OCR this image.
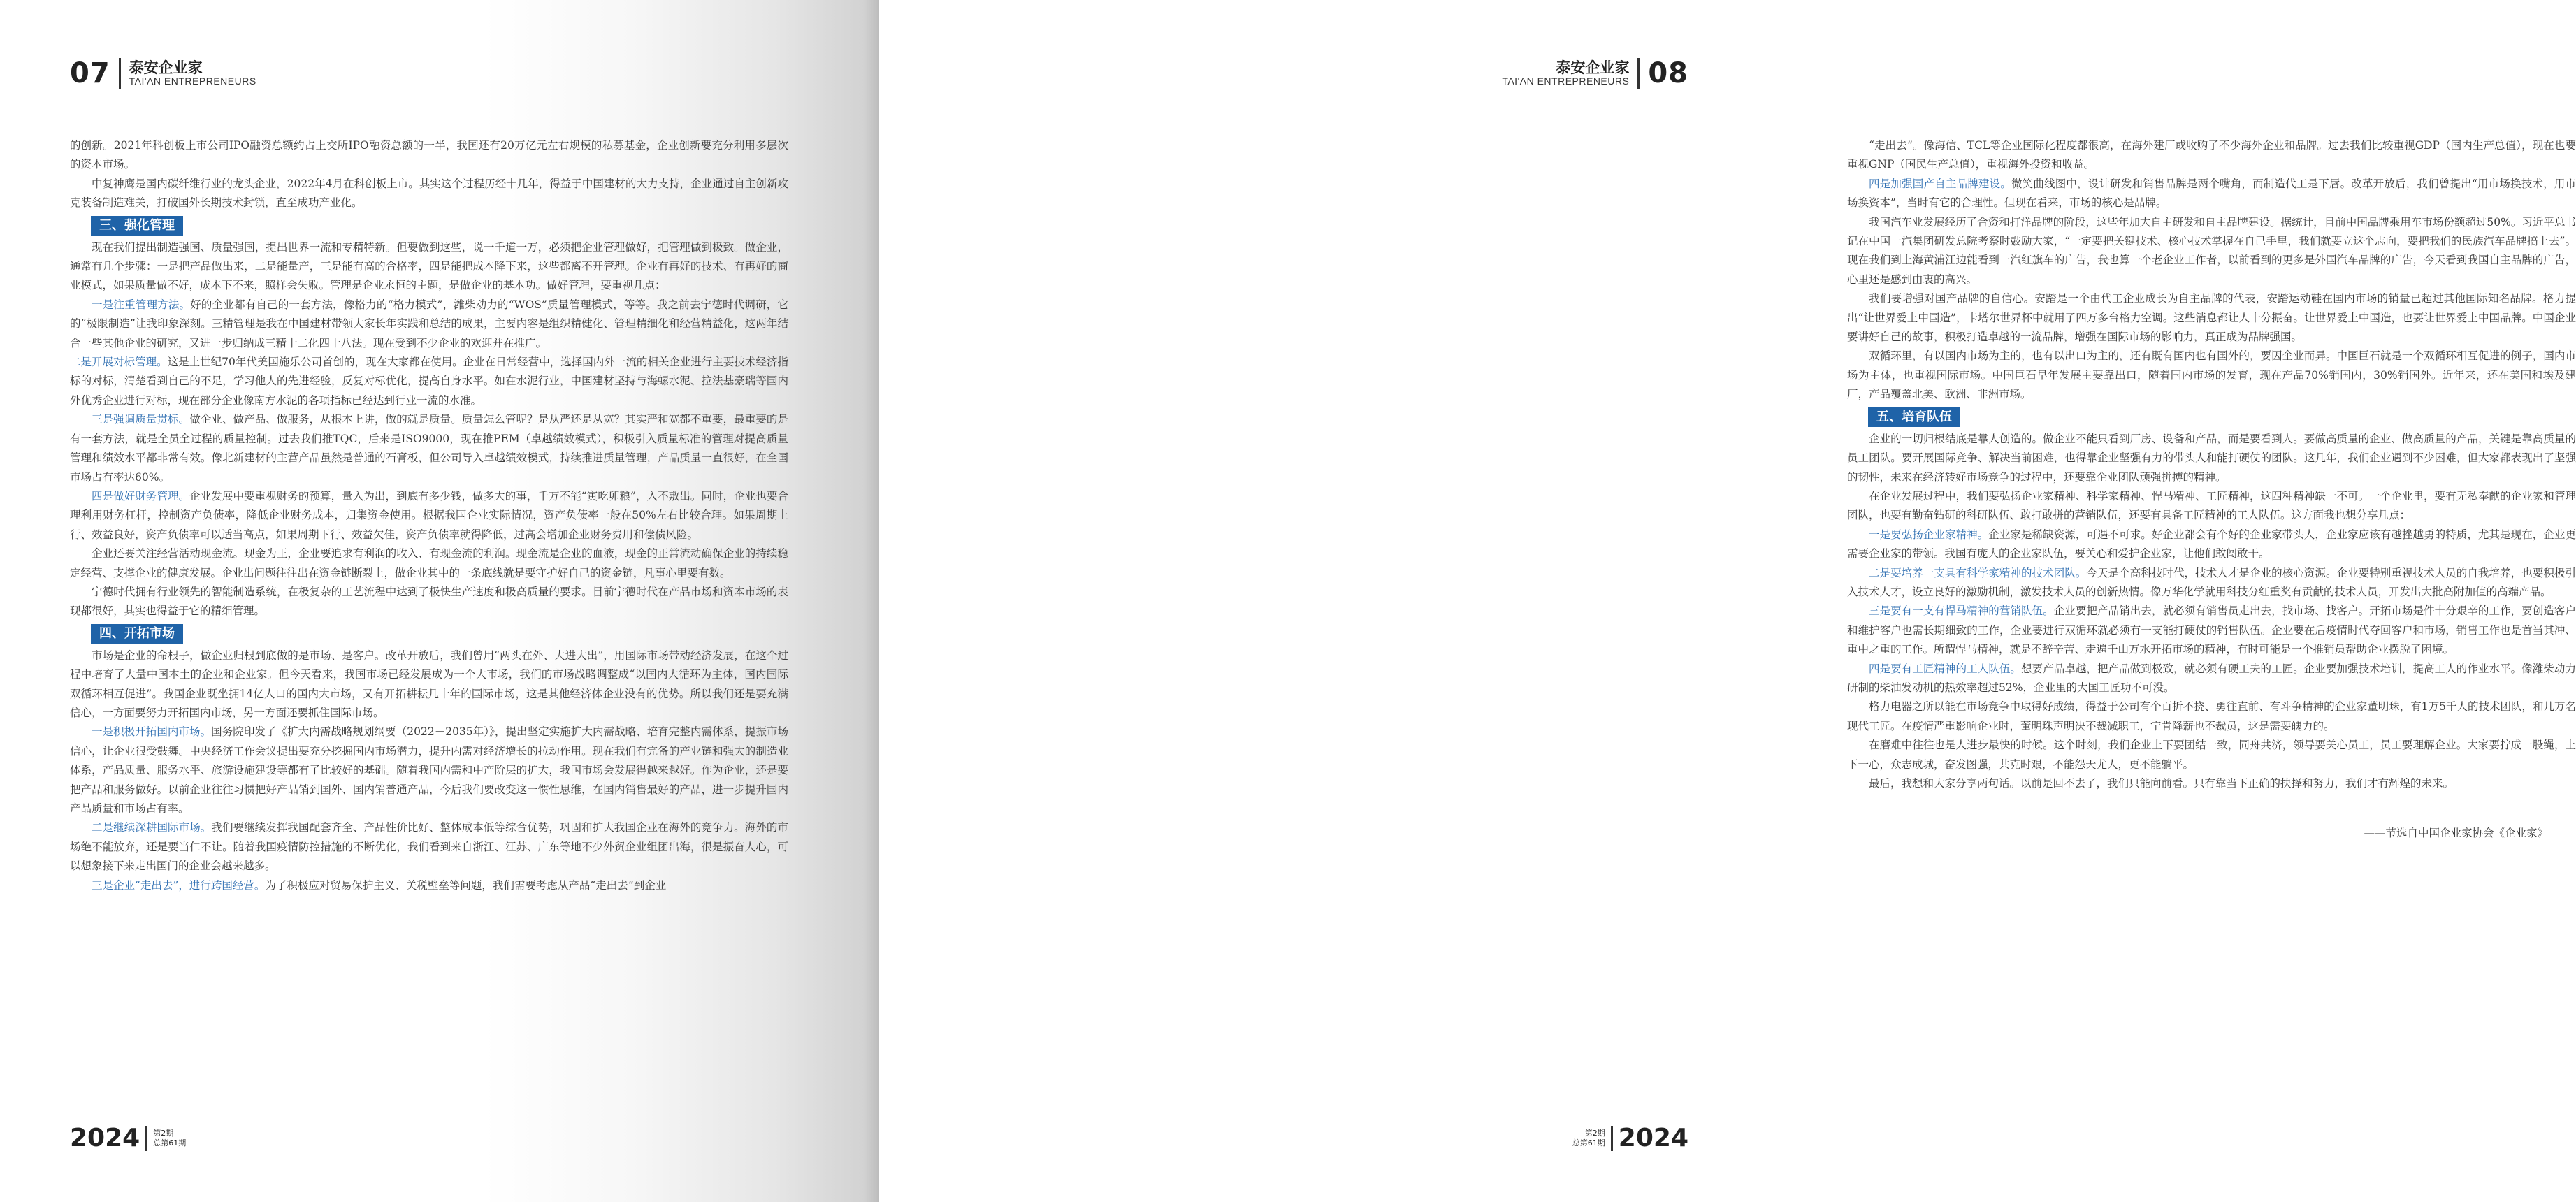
07 泰安企业家
TAI'AN ENTREPRENEURS

的创新。2021年科创板上市公司IPO融资总额约占上交所IPO融资总额的一半，我国还有20万亿元左右规模的私募基金，企业创新要充分利用多层次的资本市场。

中复神鹰是国内碳纤维行业的龙头企业，2022年4月在科创板上市。其实这个过程历经十几年，得益于中国建材的大力支持，企业通过自主创新攻克装备制造难关，打破国外长期技术封锁，直至成功产业化。

三、强化管理

现在我们提出制造强国、质量强国，提出世界一流和专精特新。但要做到这些，说一千道一万，必须把企业管理做好，把管理做到极致。做企业，通常有几个步骤：一是把产品做出来，二是能量产，三是能有高的合格率，四是能把成本降下来，这些都离不开管理。企业有再好的技术、有再好的商业模式，如果质量做不好，成本下不来，照样会失败。管理是企业永恒的主题，是做企业的基本功。做好管理，要重视几点：

一是注重管理方法。好的企业都有自己的一套方法，像格力的“格力模式”，潍柴动力的“WOS”质量管理模式，等等。我之前去宁德时代调研，它的“极限制造”让我印象深刻。三精管理是我在中国建材带领大家长年实践和总结的成果，主要内容是组织精健化、管理精细化和经营精益化，这两年结合一些其他企业的研究，又进一步归纳成三精十二化四十八法。现在受到不少企业的欢迎并在推广。

二是开展对标管理。这是上世纪70年代美国施乐公司首创的，现在大家都在使用。企业在日常经营中，选择国内外一流的相关企业进行主要技术经济指标的对标，清楚看到自己的不足，学习他人的先进经验，反复对标优化，提高自身水平。如在水泥行业，中国建材坚持与海螺水泥、拉法基豪瑞等国内外优秀企业进行对标，现在部分企业像南方水泥的各项指标已经达到行业一流的水准。

三是强调质量贯标。做企业、做产品、做服务，从根本上讲，做的就是质量。质量怎么管呢？是从严还是从宽？其实严和宽都不重要，最重要的是有一套方法，就是全员全过程的质量控制。过去我们推TQC，后来是ISO9000，现在推PEM（卓越绩效模式），积极引入质量标准的管理对提高质量管理和绩效水平都非常有效。像北新建材的主营产品虽然是普通的石膏板，但公司导入卓越绩效模式，持续推进质量管理，产品质量一直很好，在全国市场占有率达60%。

四是做好财务管理。企业发展中要重视财务的预算，量入为出，到底有多少钱，做多大的事，千万不能“寅吃卯粮”，入不敷出。同时，企业也要合理利用财务杠杆，控制资产负债率，降低企业财务成本，归集资金使用。根据我国企业实际情况，资产负债率一般在50%左右比较合理。如果周期上行、效益良好，资产负债率可以适当高点，如果周期下行、效益欠佳，资产负债率就得降低，过高会增加企业财务费用和偿债风险。

企业还要关注经营活动现金流。现金为王，企业要追求有利润的收入、有现金流的利润。现金流是企业的血液，现金的正常流动确保企业的持续稳定经营、支撑企业的健康发展。企业出问题往往出在资金链断裂上，做企业其中的一条底线就是要守护好自己的资金链，凡事心里要有数。

宁德时代拥有行业领先的智能制造系统，在极复杂的工艺流程中达到了极快生产速度和极高质量的要求。目前宁德时代在产品市场和资本市场的表现都很好，其实也得益于它的精细管理。

四、开拓市场

市场是企业的命根子，做企业归根到底做的是市场、是客户。改革开放后，我们曾用“两头在外、大进大出”，用国际市场带动经济发展，在这个过程中培育了大量中国本土的企业和企业家。但今天看来，我国市场已经发展成为一个大市场，我们的市场战略调整成“以国内大循环为主体，国内国际双循环相互促进”。我国企业既坐拥14亿人口的国内大市场，又有开拓耕耘几十年的国际市场，这是其他经济体企业没有的优势。所以我们还是要充满信心，一方面要努力开拓国内市场，另一方面还要抓住国际市场。

一是积极开拓国内市场。国务院印发了《扩大内需战略规划纲要（2022－2035年）》，提出坚定实施扩大内需战略、培育完整内需体系，提振市场信心，让企业很受鼓舞。中央经济工作会议提出要充分挖掘国内市场潜力，提升内需对经济增长的拉动作用。现在我们有完备的产业链和强大的制造业体系，产品质量、服务水平、旅游设施建设等都有了比较好的基础。随着我国内需和中产阶层的扩大，我国市场会发展得越来越好。作为企业，还是要把产品和服务做好。以前企业往往习惯把好产品销到国外、国内销普通产品，今后我们要改变这一惯性思维，在国内销售最好的产品，进一步提升国内产品质量和市场占有率。

二是继续深耕国际市场。我们要继续发挥我国配套齐全、产品性价比好、整体成本低等综合优势，巩固和扩大我国企业在海外的竞争力。海外的市场绝不能放弃，还是要当仁不让。随着我国疫情防控措施的不断优化，我们看到来自浙江、江苏、广东等地不少外贸企业组团出海，很是振奋人心，可以想象接下来走出国门的企业会越来越多。

三是企业“走出去”，进行跨国经营。为了积极应对贸易保护主义、关税壁垒等问题，我们需要考虑从产品“走出去”到企业

2024 第2期
总第61期
泰安企业家
TAI'AN ENTREPRENEURS 08

“走出去”。像海信、TCL等企业国际化程度都很高，在海外建厂或收购了不少海外企业和品牌。过去我们比较重视GDP（国内生产总值），现在也要重视GNP（国民生产总值），重视海外投资和收益。

四是加强国产自主品牌建设。微笑曲线图中，设计研发和销售品牌是两个嘴角，而制造代工是下唇。改革开放后，我们曾提出“用市场换技术，用市场换资本”，当时有它的合理性。但现在看来，市场的核心是品牌。

我国汽车业发展经历了合资和打洋品牌的阶段，这些年加大自主研发和自主品牌建设。据统计，目前中国品牌乘用车市场份额超过50%。习近平总书记在中国一汽集团研发总院考察时鼓励大家，“一定要把关键技术、核心技术掌握在自己手里，我们就要立这个志向，要把我们的民族汽车品牌搞上去”。现在我们到上海黄浦江边能看到一汽红旗车的广告，我也算一个老企业工作者，以前看到的更多是外国汽车品牌的广告，今天看到我国自主品牌的广告，心里还是感到由衷的高兴。

我们要增强对国产品牌的自信心。安踏是一个由代工企业成长为自主品牌的代表，安踏运动鞋在国内市场的销量已超过其他国际知名品牌。格力提出“让世界爱上中国造”，卡塔尔世界杯中就用了四万多台格力空调。这些消息都让人十分振奋。让世界爱上中国造，也要让世界爱上中国品牌。中国企业要讲好自己的故事，积极打造卓越的一流品牌，增强在国际市场的影响力，真正成为品牌强国。

双循环里，有以国内市场为主的，也有以出口为主的，还有既有国内也有国外的，要因企业而异。中国巨石就是一个双循环相互促进的例子，国内市场为主体，也重视国际市场。中国巨石早年发展主要靠出口，随着国内市场的发育，现在产品70%销国内，30%销国外。近年来，还在美国和埃及建厂，产品覆盖北美、欧洲、非洲市场。

五、培育队伍

企业的一切归根结底是靠人创造的。做企业不能只看到厂房、设备和产品，而是要看到人。要做高质量的企业、做高质量的产品，关键是靠高质量的员工团队。要开展国际竞争、解决当前困难，也得靠企业坚强有力的带头人和能打硬仗的团队。这几年，我们企业遇到不少困难，但大家都表现出了坚强的韧性，未来在经济转好市场竞争的过程中，还要靠企业团队顽强拼搏的精神。

在企业发展过程中，我们要弘扬企业家精神、科学家精神、悍马精神、工匠精神，这四种精神缺一不可。一个企业里，要有无私奉献的企业家和管理团队，也要有勤奋钻研的科研队伍、敢打敢拼的营销队伍，还要有具备工匠精神的工人队伍。这方面我也想分享几点：

一是要弘扬企业家精神。企业家是稀缺资源，可遇不可求。好企业都会有个好的企业家带头人，企业家应该有越挫越勇的特质，尤其是现在，企业更需要企业家的带领。我国有庞大的企业家队伍，要关心和爱护企业家，让他们敢闯敢干。

二是要培养一支具有科学家精神的技术团队。今天是个高科技时代，技术人才是企业的核心资源。企业要特别重视技术人员的自我培养，也要积极引入技术人才，设立良好的激励机制，激发技术人员的创新热情。像万华化学就用科技分红重奖有贡献的技术人员，开发出大批高附加值的高端产品。

三是要有一支有悍马精神的营销队伍。企业要把产品销出去，就必须有销售员走出去，找市场、找客户。开拓市场是件十分艰辛的工作，要创造客户和维护客户也需长期细致的工作，企业要进行双循环就必须有一支能打硬仗的销售队伍。企业要在后疫情时代夺回客户和市场，销售工作也是首当其冲、重中之重的工作。所谓悍马精神，就是不辞辛苦、走遍千山万水开拓市场的精神，有时可能是一个推销员帮助企业摆脱了困境。

四是要有工匠精神的工人队伍。想要产品卓越，把产品做到极致，就必须有硬工夫的工匠。企业要加强技术培训，提高工人的作业水平。像潍柴动力研制的柴油发动机的热效率超过52%，企业里的大国工匠功不可没。

格力电器之所以能在市场竞争中取得好成绩，得益于公司有个百折不挠、勇往直前、有斗争精神的企业家董明珠，有1万5千人的技术团队，和几万名现代工匠。在疫情严重影响企业时，董明珠声明决不裁减职工，宁肯降薪也不裁员，这是需要魄力的。

在磨难中往往也是人进步最快的时候。这个时刻，我们企业上下要团结一致，同舟共济，领导要关心员工，员工要理解企业。大家要拧成一股绳，上下一心，众志成城，奋发图强，共克时艰，不能怨天尤人，更不能躺平。

最后，我想和大家分享两句话。以前是回不去了，我们只能向前看。只有靠当下正确的抉择和努力，我们才有辉煌的未来。

——节选自中国企业家协会《企业家》
第2期
总第61期 2024
